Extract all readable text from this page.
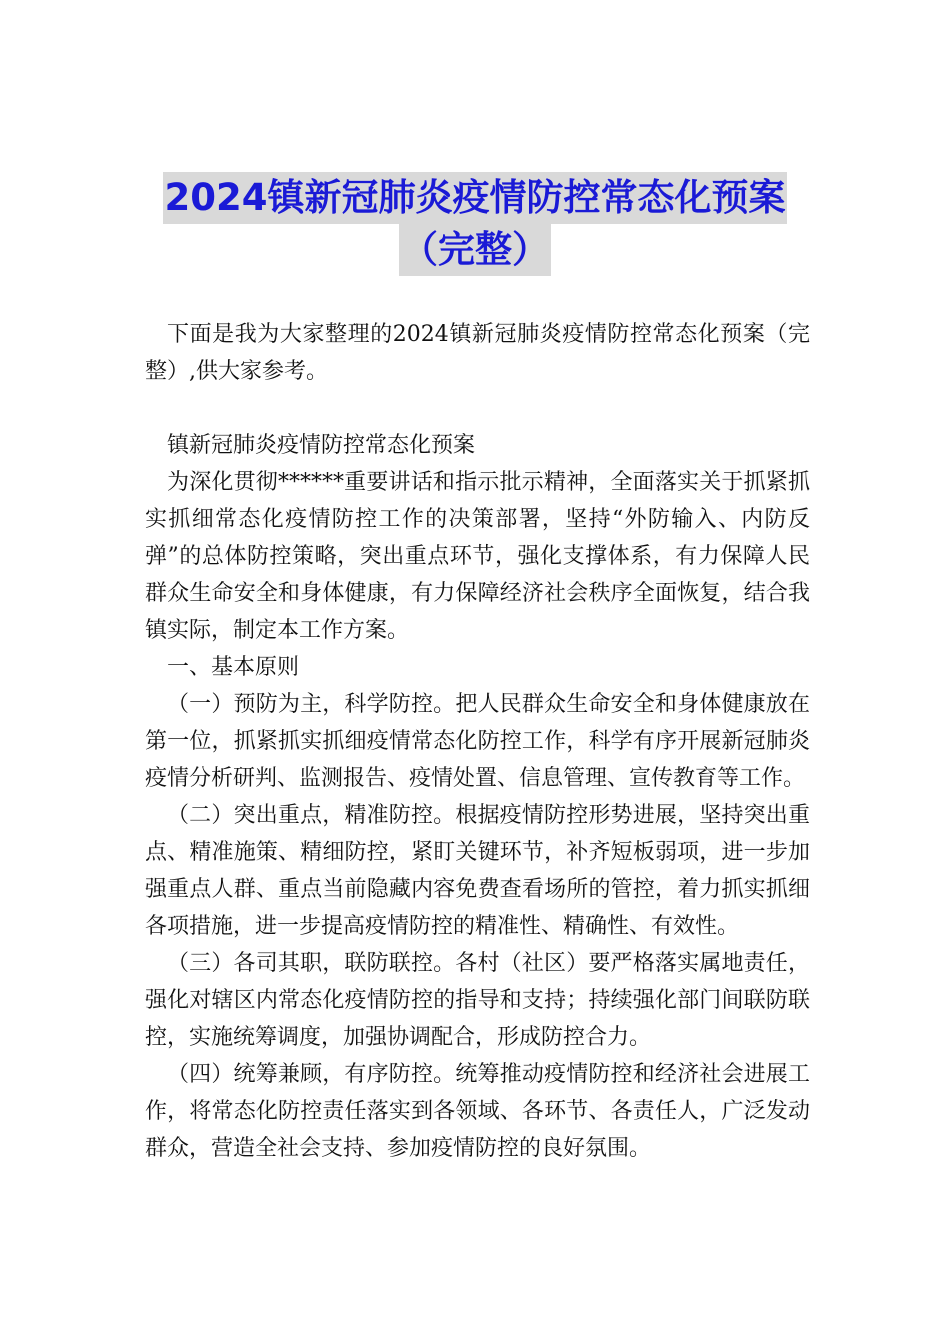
2024镇新冠肺炎疫情防控常态化预案
（完整）

下面是我为大家整理的2024镇新冠肺炎疫情防控常态化预案（完整）,供大家参考。

镇新冠肺炎疫情防控常态化预案

为深化贯彻******重要讲话和指示批示精神，全面落实关于抓紧抓实抓细常态化疫情防控工作的决策部署，坚持“外防输入、内防反弹”的总体防控策略，突出重点环节，强化支撑体系，有力保障人民群众生命安全和身体健康，有力保障经济社会秩序全面恢复，结合我镇实际，制定本工作方案。

一、基本原则

（一）预防为主，科学防控。把人民群众生命安全和身体健康放在第一位，抓紧抓实抓细疫情常态化防控工作，科学有序开展新冠肺炎疫情分析研判、监测报告、疫情处置、信息管理、宣传教育等工作。

（二）突出重点，精准防控。根据疫情防控形势进展，坚持突出重点、精准施策、精细防控，紧盯关键环节，补齐短板弱项，进一步加强重点人群、重点当前隐藏内容免费查看场所的管控，着力抓实抓细各项措施，进一步提高疫情防控的精准性、精确性、有效性。

（三）各司其职，联防联控。各村（社区）要严格落实属地责任，强化对辖区内常态化疫情防控的指导和支持；持续强化部门间联防联控，实施统筹调度，加强协调配合，形成防控合力。

（四）统筹兼顾，有序防控。统筹推动疫情防控和经济社会进展工作，将常态化防控责任落实到各领域、各环节、各责任人，广泛发动群众，营造全社会支持、参加疫情防控的良好氛围。
